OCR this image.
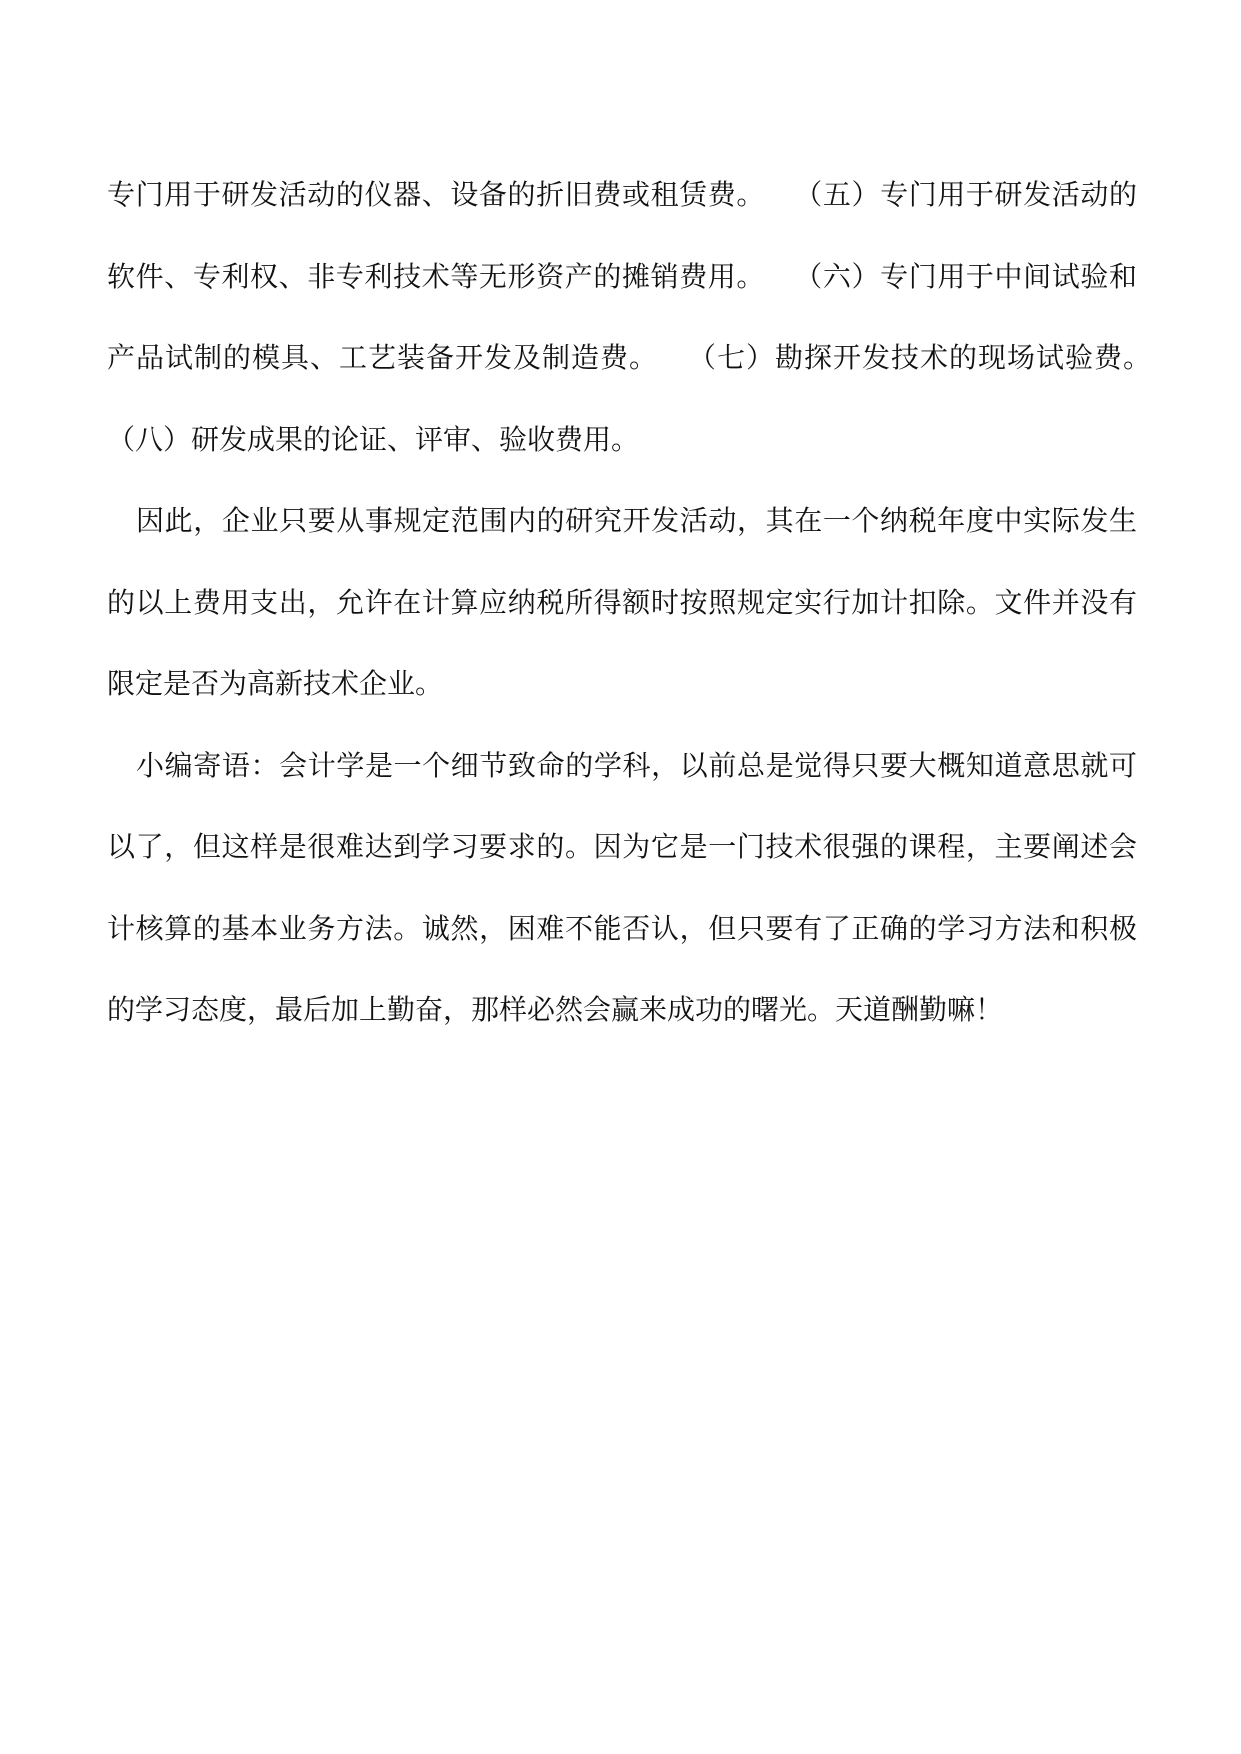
专门用于研发活动的仪器、设备的折旧费或租赁费。　　 （五）专门用于研发活动的软件、专利权、非专利技术等无形资产的摊销费用。　　 （六）专门用于中间试验和产品试制的模具、工艺装备开发及制造费。　　 （七）勘探开发技术的现场试验费。　　（八）研发成果的论证、评审、验收费用。

因此，企业只要从事规定范围内的研究开发活动，其在一个纳税年度中实际发生的以上费用支出，允许在计算应纳税所得额时按照规定实行加计扣除。文件并没有限定是否为高新技术企业。

小编寄语：会计学是一个细节致命的学科，以前总是觉得只要大概知道意思就可以了，但这样是很难达到学习要求的。因为它是一门技术很强的课程，主要阐述会计核算的基本业务方法。诚然，困难不能否认，但只要有了正确的学习方法和积极的学习态度，最后加上勤奋，那样必然会赢来成功的曙光。天道酬勤嘛！
